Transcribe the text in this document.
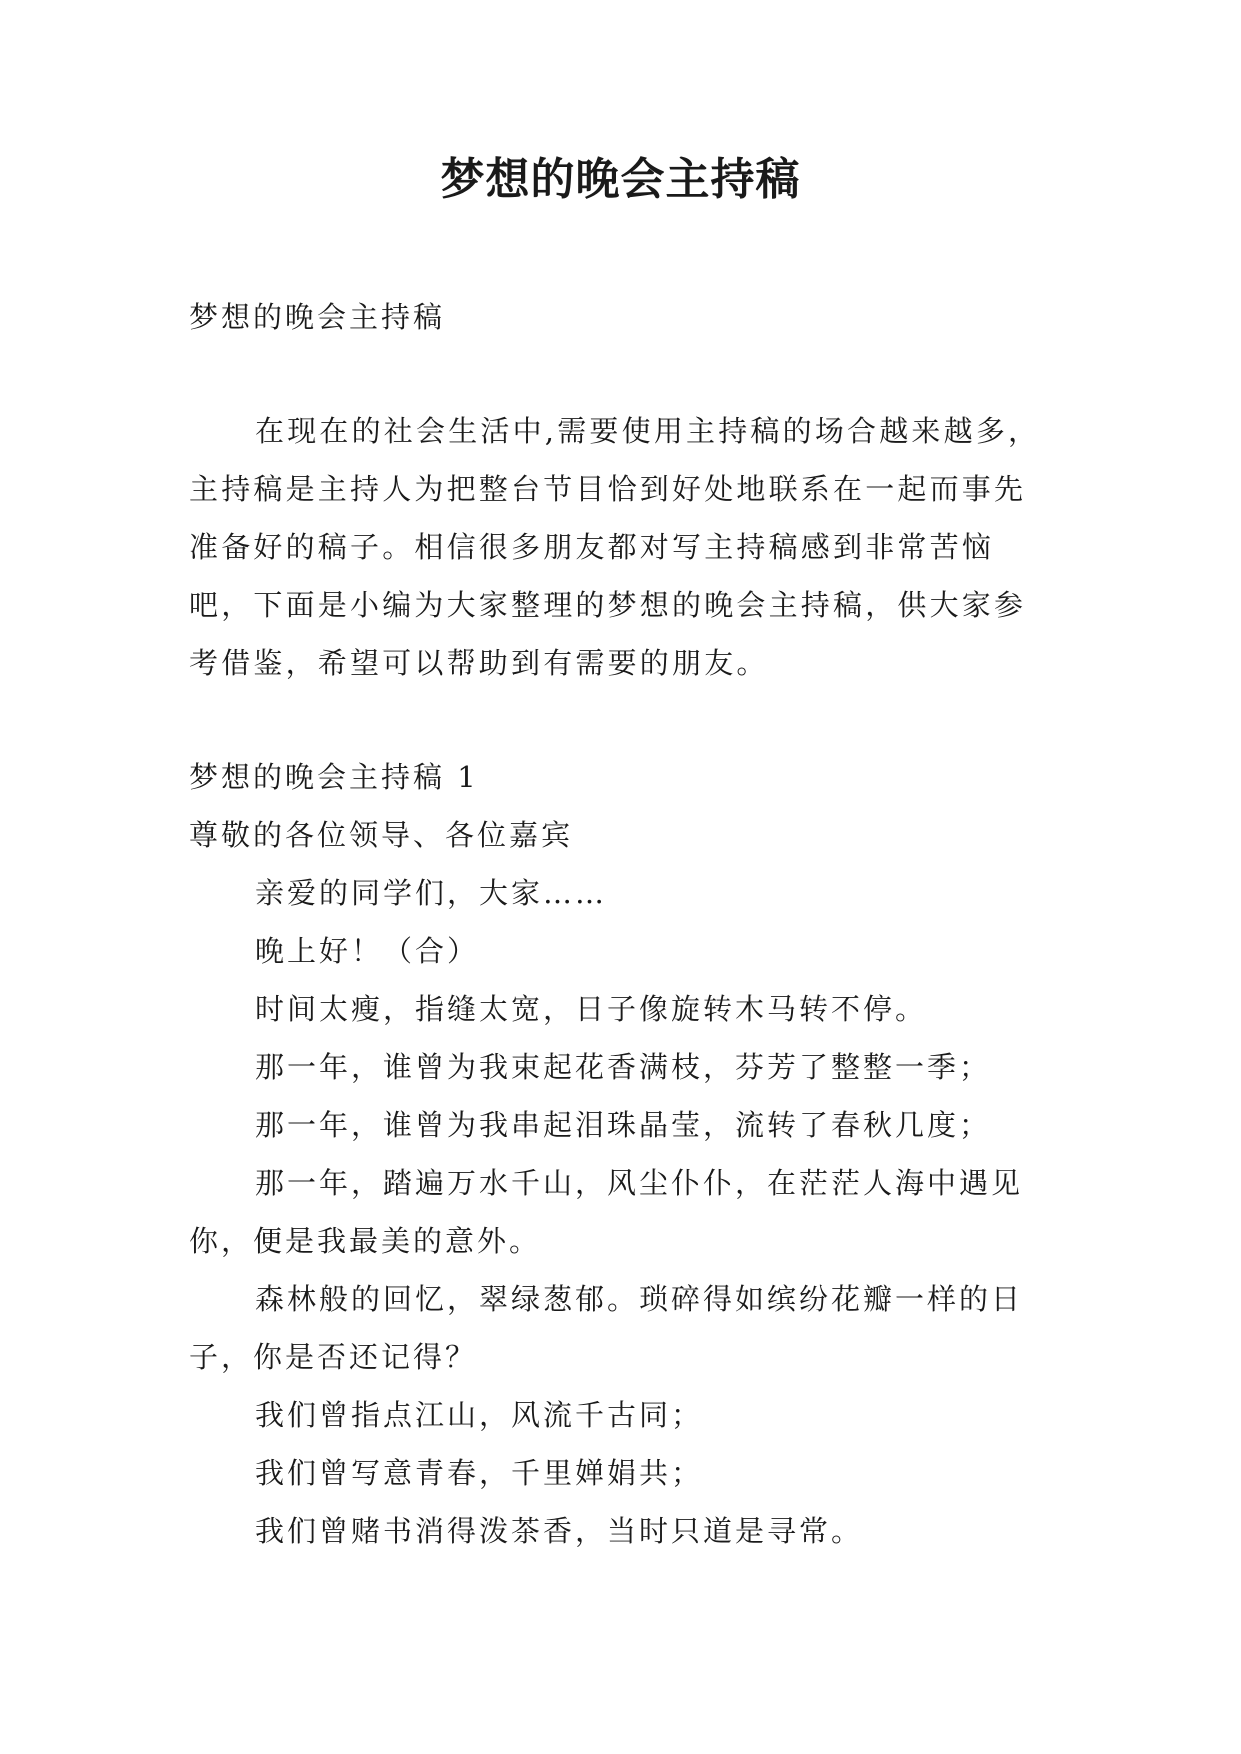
梦想的晚会主持稿

梦想的晚会主持稿

在现在的社会生活中,需要使用主持稿的场合越来越多，主持稿是主持人为把整台节目恰到好处地联系在一起而事先准备好的稿子。相信很多朋友都对写主持稿感到非常苦恼吧，下面是小编为大家整理的梦想的晚会主持稿，供大家参考借鉴，希望可以帮助到有需要的朋友。

梦想的晚会主持稿 1

尊敬的各位领导、各位嘉宾

亲爱的同学们，大家……

晚上好！（合）

时间太瘦，指缝太宽，日子像旋转木马转不停。

那一年，谁曾为我束起花香满枝，芬芳了整整一季；

那一年，谁曾为我串起泪珠晶莹，流转了春秋几度；

那一年，踏遍万水千山，风尘仆仆，在茫茫人海中遇见你，便是我最美的意外。

森林般的回忆，翠绿葱郁。琐碎得如缤纷花瓣一样的日子，你是否还记得？

我们曾指点江山，风流千古同；

我们曾写意青春，千里婵娟共；

我们曾赌书消得泼茶香，当时只道是寻常。
